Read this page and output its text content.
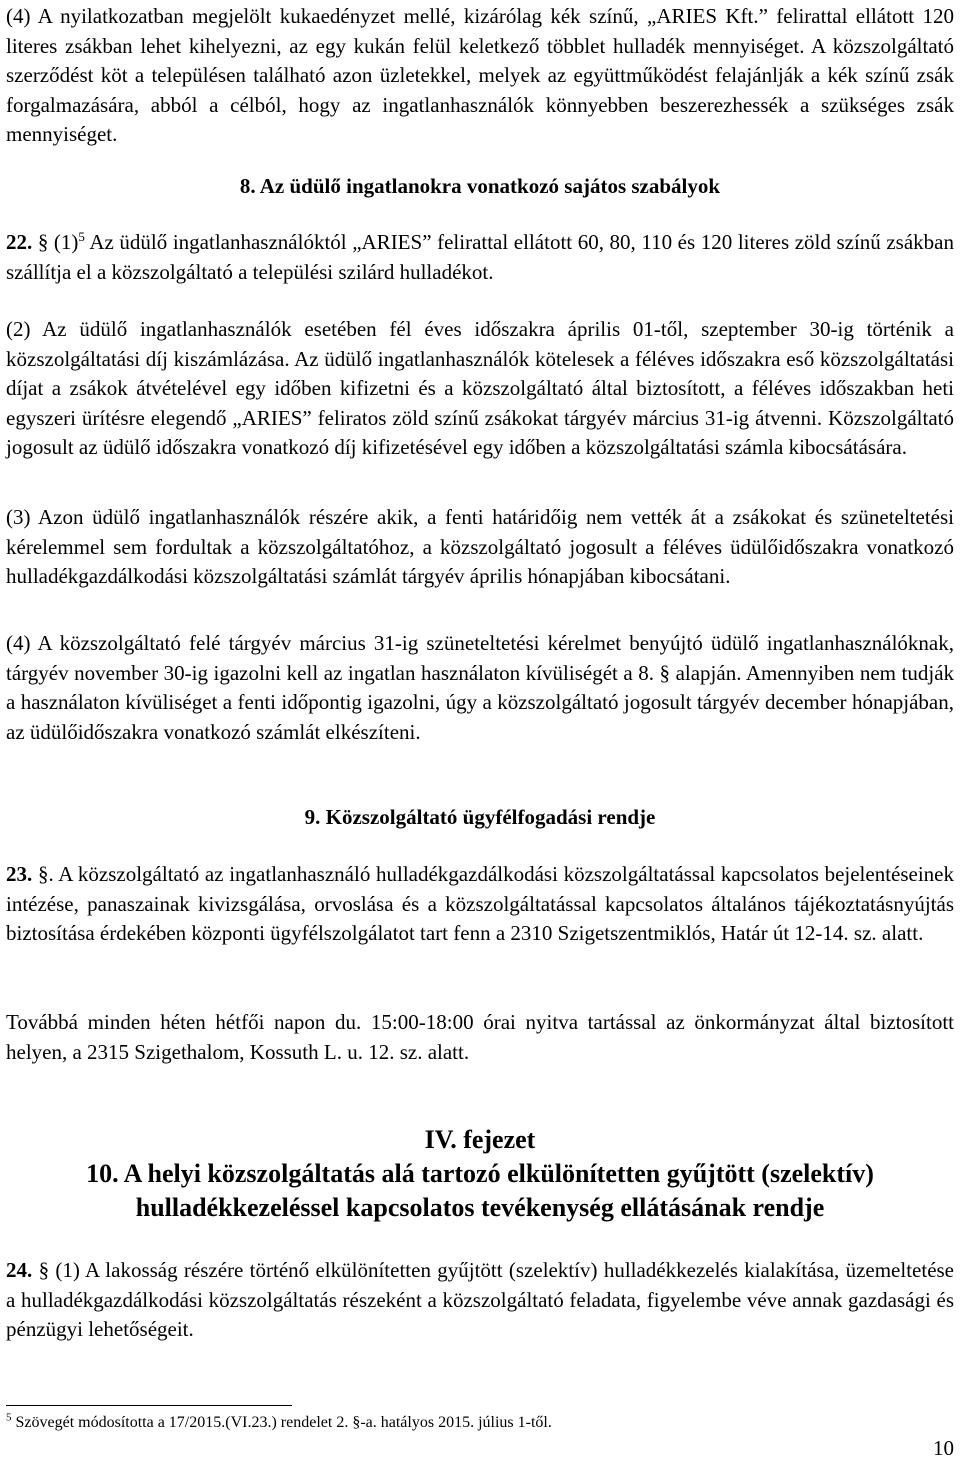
(4) A nyilatkozatban megjelölt kukaedényzet mellé, kizárólag kék színű, „ARIES Kft.” felirattal ellátott 120 literes zsákban lehet kihelyezni, az egy kukán felül keletkező többlet hulladék mennyiséget. A közszolgáltató szerződést köt a településen található azon üzletekkel, melyek az együttműködést felajánlják a kék színű zsák forgalmazására, abból a célból, hogy az ingatlanhasználók könnyebben beszerezhessék a szükséges zsák mennyiséget.

8. Az üdülő ingatlanokra vonatkozó sajátos szabályok

22. § $(1)^5$ Az üdülő ingatlanhasználóktól „ARIES” felirattal ellátott 60, 80, 110 és 120 literes zöld színű zsákban szállítja el a közszolgáltató a települési szilárd hulladékot.

(2) Az üdülő ingatlanhasználók esetében fél éves időszakra április 01-től, szeptember 30-ig történik a közszolgáltatási díj kiszámlázása. Az üdülő ingatlanhasználók kötelesek a féléves időszakra eső közszolgáltatási díjat a zsákok átvételével egy időben kifizetni és a közszolgáltató által biztosított, a féléves időszakban heti egyszeri ürítésre elegendő „ARIES” feliratos zöld színű zsákokat tárgyév március 31-ig átvenni. Közszolgáltató jogosult az üdülő időszakra vonatkozó díj kifizetésével egy időben a közszolgáltatási számla kibocsátására.

(3) Azon üdülő ingatlanhasználók részére akik, a fenti határidőig nem vették át a zsákokat és szüneteltetési kérelemmel sem fordultak a közszolgáltatóhoz, a közszolgáltató jogosult a féléves üdülőidőszakra vonatkozó hulladékgazdálkodási közszolgáltatási számlát tárgyév április hónapjában kibocsátani.

(4) A közszolgáltató felé tárgyév március 31-ig szüneteltetési kérelmet benyújtó üdülő ingatlanhasználóknak, tárgyév november 30-ig igazolni kell az ingatlan használaton kívüliségét a 8. § alapján. Amennyiben nem tudják a használaton kívüliséget a fenti időpontig igazolni, úgy a közszolgáltató jogosult tárgyév december hónapjában, az üdülőidőszakra vonatkozó számlát elkészíteni.

9. Közszolgáltató ügyfélfogadási rendje

23. §. A közszolgáltató az ingatlanhasználó hulladékgazdálkodási közszolgáltatással kapcsolatos bejelentéseinek intézése, panaszainak kivizsgálása, orvoslása és a közszolgáltatással kapcsolatos általános tájékoztatásnyújtás biztosítása érdekében központi ügyfélszolgálatot tart fenn a 2310 Szigetszentmiklós, Határ út 12-14. sz. alatt.

Továbbá minden héten hétfői napon du. 15:00-18:00 órai nyitva tartással az önkormányzat által biztosított helyen, a 2315 Szigethalom, Kossuth L. u. 12. sz. alatt.

IV. fejezet

10. A helyi közszolgáltatás alá tartozó elkülönítetten gyűjtött (szelektív)

hulladékkezeléssel kapcsolatos tevékenység ellátásának rendje

24. § (1) A lakosság részére történő elkülönítetten gyűjtött (szelektív) hulladékkezelés kialakítása, üzemeltetése a hulladékgazdálkodási közszolgáltatás részeként a közszolgáltató feladata, figyelembe véve annak gazdasági és pénzügyi lehetőségeit.

$^5$ Szövegét módosította a 17/2015.(VI.23.) rendelet 2. §-a. hatályos 2015. július 1-től.
10
